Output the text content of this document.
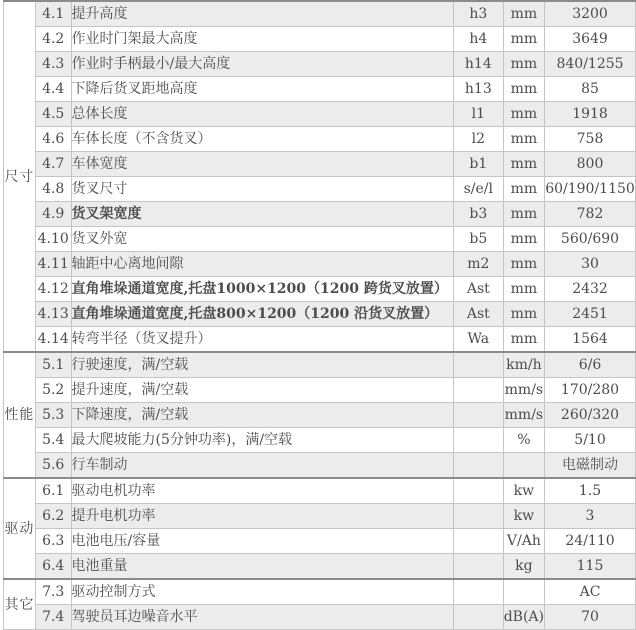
尺寸	4.1	提升高度	h3	mm	3200
	4.2	作业时门架最大高度	h4	mm	3649
	4.3	作业时手柄最小/最大高度	h14	mm	840/1255
	4.4	下降后货叉距地高度	h13	mm	85
	4.5	总体长度	l1	mm	1918
	4.6	车体长度（不含货叉）	l2	mm	758
	4.7	车体宽度	b1	mm	800
	4.8	货叉尺寸	s/e/l	mm	60/190/1150
	4.9	货叉架宽度	b3	mm	782
	4.10	货叉外宽	b5	mm	560/690
	4.11	轴距中心离地间隙	m2	mm	30
	4.12	直角堆垛通道宽度,托盘1000×1200（1200 跨货叉放置）	Ast	mm	2432
	4.13	直角堆垛通道宽度,托盘800×1200（1200 沿货叉放置）	Ast	mm	2451
	4.14	转弯半径（货叉提升）	Wa	mm	1564
性能	5.1	行驶速度，满/空载		km/h	6/6
	5.2	提升速度，满/空载		mm/s	170/280
	5.3	下降速度，满/空载		mm/s	260/320
	5.4	最大爬坡能力(5分钟功率)，满/空载		%	5/10
	5.6	行车制动			电磁制动
驱动	6.1	驱动电机功率		kw	1.5
	6.2	提升电机功率		kw	3
	6.3	电池电压/容量		V/Ah	24/110
	6.4	电池重量		kg	115
其它	7.3	驱动控制方式			AC
	7.4	驾驶员耳边噪音水平		dB(A)	70
